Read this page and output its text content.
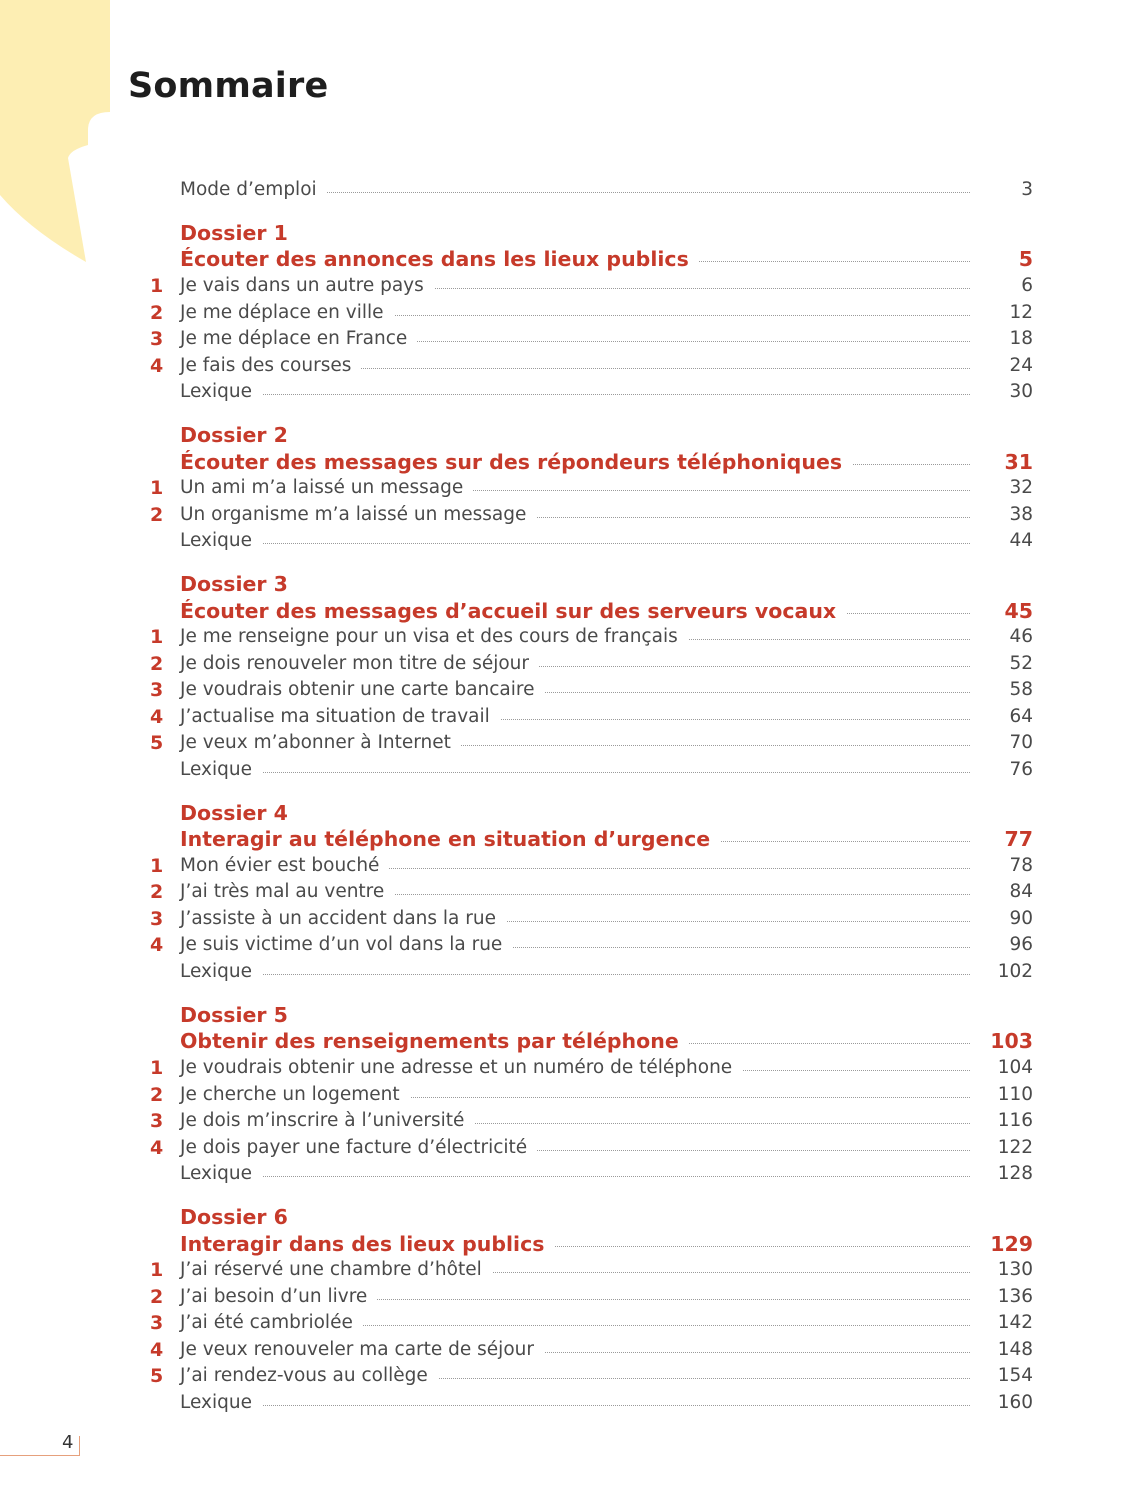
Sommaire
Mode d’emploi	3
Dossier 1
Écouter des annonces dans les lieux publics	5
1 Je vais dans un autre pays	6
2 Je me déplace en ville	12
3 Je me déplace en France	18
4 Je fais des courses	24
Lexique	30
Dossier 2
Écouter des messages sur des répondeurs téléphoniques	31
1 Un ami m’a laissé un message	32
2 Un organisme m’a laissé un message	38
Lexique	44
Dossier 3
Écouter des messages d’accueil sur des serveurs vocaux	45
1 Je me renseigne pour un visa et des cours de français	46
2 Je dois renouveler mon titre de séjour	52
3 Je voudrais obtenir une carte bancaire	58
4 J’actualise ma situation de travail	64
5 Je veux m’abonner à Internet	70
Lexique	76
Dossier 4
Interagir au téléphone en situation d’urgence	77
1 Mon évier est bouché	78
2 J’ai très mal au ventre	84
3 J’assiste à un accident dans la rue	90
4 Je suis victime d’un vol dans la rue	96
Lexique	102
Dossier 5
Obtenir des renseignements par téléphone	103
1 Je voudrais obtenir une adresse et un numéro de téléphone	104
2 Je cherche un logement	110
3 Je dois m’inscrire à l’université	116
4 Je dois payer une facture d’électricité	122
Lexique	128
Dossier 6
Interagir dans des lieux publics	129
1 J’ai réservé une chambre d’hôtel	130
2 J’ai besoin d’un livre	136
3 J’ai été cambriolée	142
4 Je veux renouveler ma carte de séjour	148
5 J’ai rendez-vous au collège	154
Lexique	160
4
